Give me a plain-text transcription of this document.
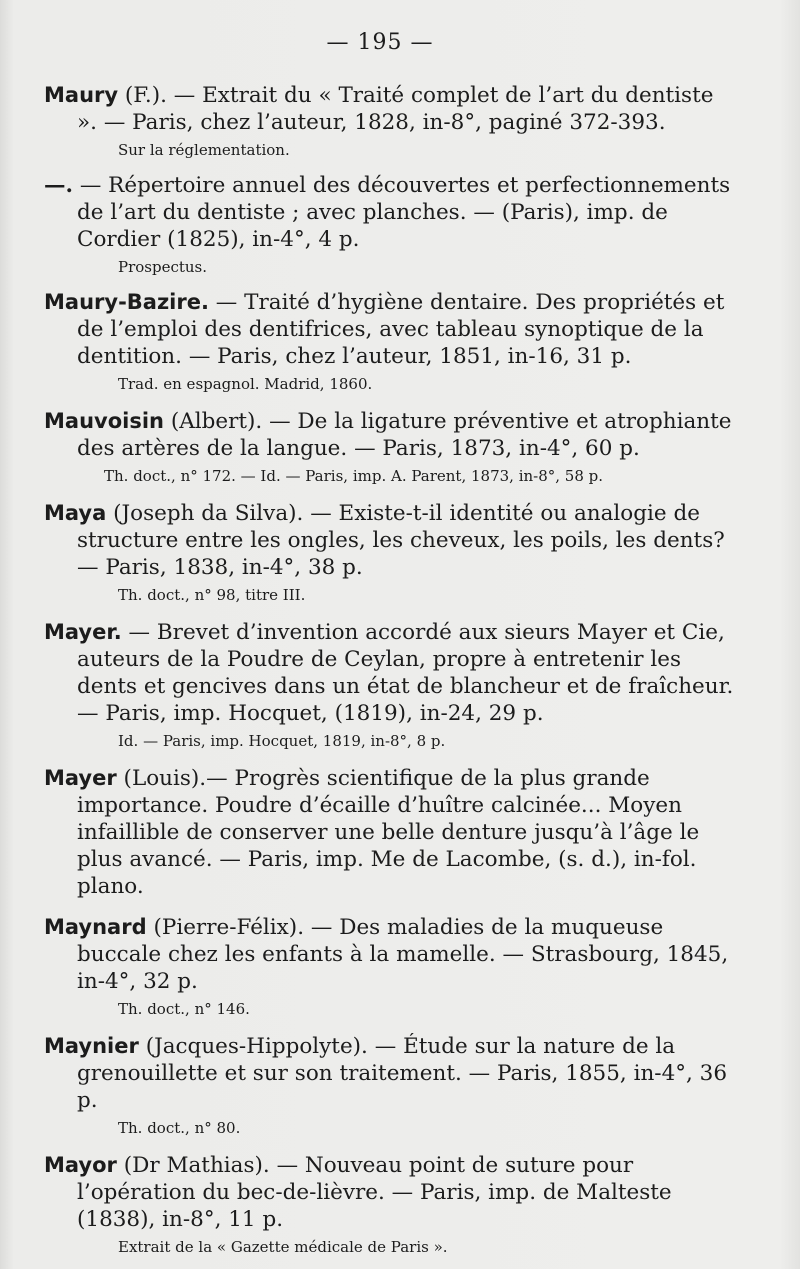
— 195 —

Maury (F.). — Extrait du « Traité complet de l’art du dentiste ». — Paris, chez l’auteur, 1828, in-8°, paginé 372-393.

Sur la réglementation.

—. — Répertoire annuel des découvertes et perfectionnements de l’art du dentiste ; avec planches. — (Paris), imp. de Cordier (1825), in-4°, 4 p.

Prospectus.

Maury-Bazire. — Traité d’hygiène dentaire. Des propriétés et de l’emploi des dentifrices, avec tableau synoptique de la dentition. — Paris, chez l’auteur, 1851, in-16, 31 p.

Trad. en espagnol. Madrid, 1860.

Mauvoisin (Albert). — De la ligature préventive et atrophiante des artères de la langue. — Paris, 1873, in-4°, 60 p.

Th. doct., n° 172. — Id. — Paris, imp. A. Parent, 1873, in-8°, 58 p.

Maya (Joseph da Silva). — Existe-t-il identité ou analogie de structure entre les ongles, les cheveux, les poils, les dents? — Paris, 1838, in-4°, 38 p.

Th. doct., n° 98, titre III.

Mayer. — Brevet d’invention accordé aux sieurs Mayer et Cie, auteurs de la Poudre de Ceylan, propre à entretenir les dents et gencives dans un état de blancheur et de fraîcheur. — Paris, imp. Hocquet, (1819), in-24, 29 p.

Id. — Paris, imp. Hocquet, 1819, in-8°, 8 p.

Mayer (Louis).— Progrès scientifique de la plus grande importance. Poudre d’écaille d’huître calcinée... Moyen infaillible de conserver une belle denture jusqu’à l’âge le plus avancé. — Paris, imp. Me de Lacombe, (s. d.), in-fol. plano.

Maynard (Pierre-Félix). — Des maladies de la muqueuse buccale chez les enfants à la mamelle. — Strasbourg, 1845, in-4°, 32 p.

Th. doct., n° 146.

Maynier (Jacques-Hippolyte). — Étude sur la nature de la grenouillette et sur son traitement. — Paris, 1855, in-4°, 36 p.

Th. doct., n° 80.

Mayor (Dr Mathias). — Nouveau point de suture pour l’opération du bec-de-lièvre. — Paris, imp. de Malteste (1838), in-8°, 11 p.

Extrait de la « Gazette médicale de Paris ».
